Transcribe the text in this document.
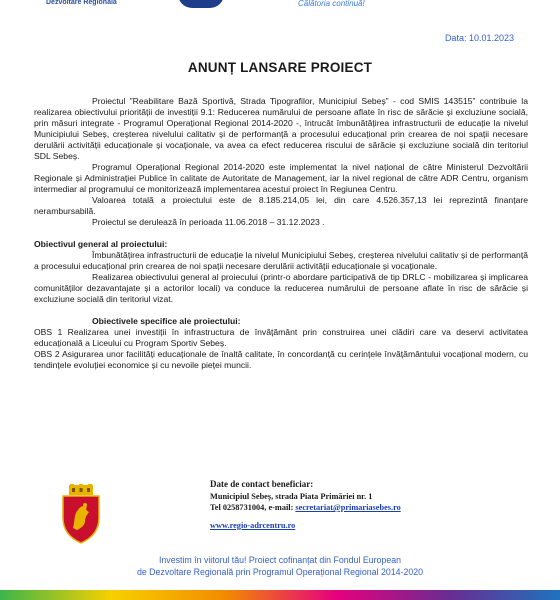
Dezvoltare Regională	Călătoria continuă!
Data: 10.01.2023
ANUNȚ LANSARE PROIECT

Proiectul ”Reabilitare Bază Sportivă, Strada Tipografilor, Municipiul Sebeș” - cod SMIS 143515” contribuie la realizarea obiectivului priorității de investiții 9.1: Reducerea numărului de persoane aflate în risc de sărăcie și excluziune socială, prin măsuri integrate - Programul Operațional Regional 2014-2020 -, întrucât îmbunătățirea infrastructurii de educație la nivelul Municipiului Sebeș, creșterea nivelului calitativ și de performanță a procesului educațional prin crearea de noi spații necesare derulării activității educaționale și vocaționale, va avea ca efect reducerea riscului de sărăcie și excluziune socială din teritoriul SDL Sebeș.

Programul Operațional Regional 2014-2020 este implementat la nivel național de către Ministerul Dezvoltării Regionale și Administrației Publice în calitate de Autoritate de Management, iar la nivel regional de către ADR Centru, organism intermediar al programului ce monitorizează implementarea acestui proiect în Regiunea Centru.

Valoarea totală a proiectului este de 8.185.214,05 lei, din care 4.526.357,13 lei reprezintă finanțare nerambursabilă.

Proiectul se derulează în perioada 11.06.2018 – 31.12.2023 .

Obiectivul general al proiectului:

Îmbunătățirea infrastructurii de educație la nivelul Municipiului Sebeș, creșterea nivelului calitativ și de performanță a procesului educațional prin crearea de noi spații necesare derulării activității educaționale și vocaționale.

Realizarea obiectivului general al proiecului (printr-o abordare participativă de tip DRLC - mobilizarea și implicarea comunităților dezavantajate și a actorilor locali) va conduce la reducerea numărului de persoane aflate în risc de sărăcie și excluziune socială din teritoriul vizat.

Obiectivele specifice ale proiectului:

OBS 1 Realizarea unei investiții în infrastructura de învățământ prin construirea unei clădiri care va deservi activitatea educațională a Liceului cu Program Sportiv Sebeș.

OBS 2 Asigurarea unor facilități educaționale de înaltă calitate, în concordanță cu cerințele învățământului vocațional modern, cu tendințele evoluției economice și cu nevoile pieței muncii.

Date de contact beneficiar:
Municipiul Sebeș, strada Piata Primăriei nr. 1
Tel 0258731004, e-mail: secretariat@primariasebes.ro
www.regio-adrcentru.ro
Investim în viitorul tău! Proiect cofinanțat din Fondul European
de Dezvoltare Regională prin Programul Operațional Regional 2014-2020
